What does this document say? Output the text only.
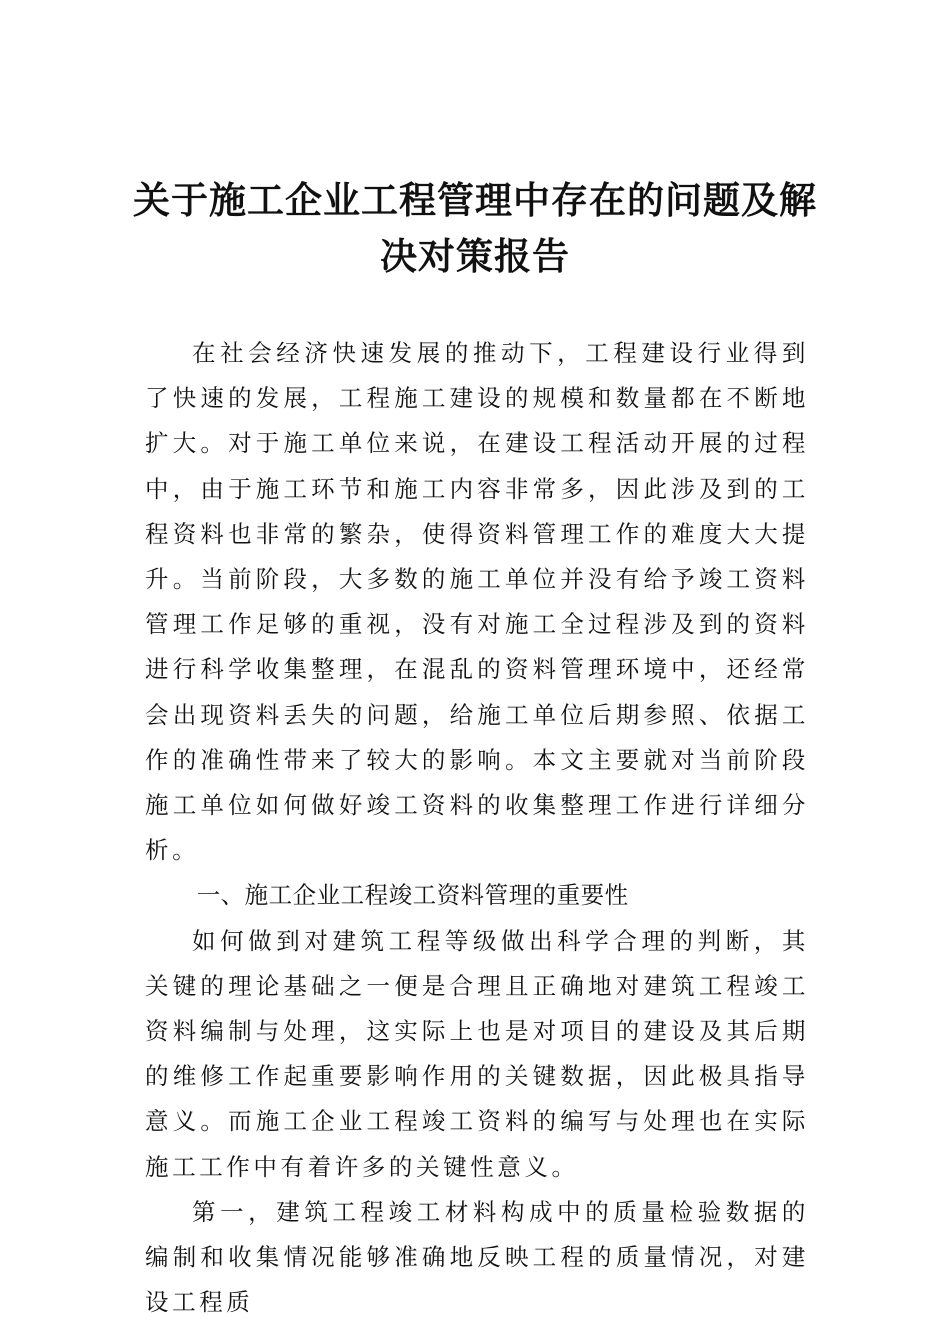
关于施工企业工程管理中存在的问题及解决对策报告

在社会经济快速发展的推动下，工程建设行业得到了快速的发展，工程施工建设的规模和数量都在不断地扩大。对于施工单位来说，在建设工程活动开展的过程中，由于施工环节和施工内容非常多，因此涉及到的工程资料也非常的繁杂，使得资料管理工作的难度大大提升。当前阶段，大多数的施工单位并没有给予竣工资料管理工作足够的重视，没有对施工全过程涉及到的资料进行科学收集整理，在混乱的资料管理环境中，还经常会出现资料丢失的问题，给施工单位后期参照、依据工作的准确性带来了较大的影响。本文主要就对当前阶段施工单位如何做好竣工资料的收集整理工作进行详细分析。

一、施工企业工程竣工资料管理的重要性

如何做到对建筑工程等级做出科学合理的判断，其关键的理论基础之一便是合理且正确地对建筑工程竣工资料编制与处理，这实际上也是对项目的建设及其后期的维修工作起重要影响作用的关键数据，因此极具指导意义。而施工企业工程竣工资料的编写与处理也在实际施工工作中有着许多的关键性意义。

第一，建筑工程竣工材料构成中的质量检验数据的编制和收集情况能够准确地反映工程的质量情况，对建设工程质
